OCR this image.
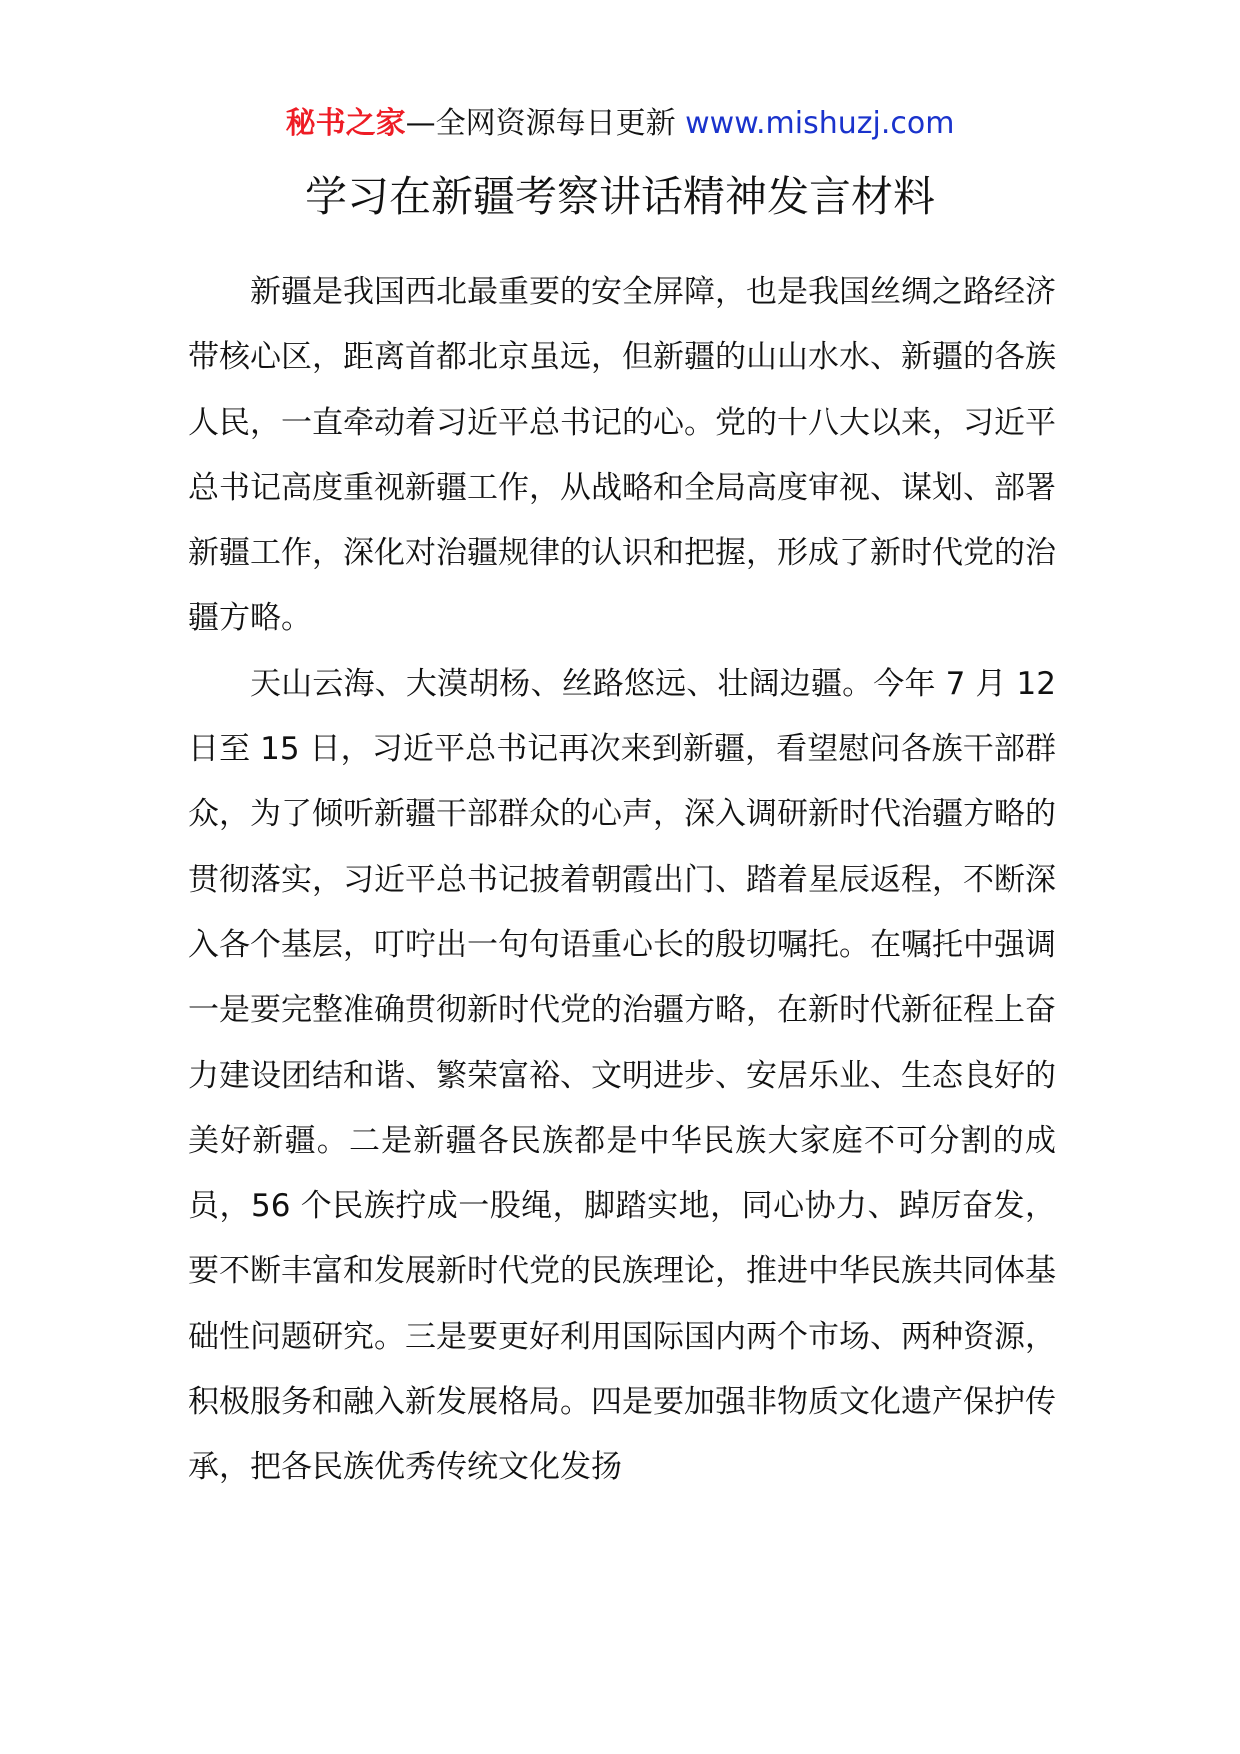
秘书之家—全网资源每日更新 www.mishuzj.com
学习在新疆考察讲话精神发言材料

新疆是我国西北最重要的安全屏障，也是我国丝绸之路经济带核心区，距离首都北京虽远，但新疆的山山水水、新疆的各族人民，一直牵动着习近平总书记的心。党的十八大以来，习近平总书记高度重视新疆工作，从战略和全局高度审视、谋划、部署新疆工作，深化对治疆规律的认识和把握，形成了新时代党的治疆方略。

天山云海、大漠胡杨、丝路悠远、壮阔边疆。今年 7 月 12 日至 15 日，习近平总书记再次来到新疆，看望慰问各族干部群众，为了倾听新疆干部群众的心声，深入调研新时代治疆方略的贯彻落实，习近平总书记披着朝霞出门、踏着星辰返程，不断深入各个基层，叮咛出一句句语重心长的殷切嘱托。在嘱托中强调一是要完整准确贯彻新时代党的治疆方略，在新时代新征程上奋力建设团结和谐、繁荣富裕、文明进步、安居乐业、生态良好的美好新疆。二是新疆各民族都是中华民族大家庭不可分割的成员，56 个民族拧成一股绳，脚踏实地，同心协力、踔厉奋发，要不断丰富和发展新时代党的民族理论，推进中华民族共同体基础性问题研究。三是要更好利用国际国内两个市场、两种资源，积极服务和融入新发展格局。四是要加强非物质文化遗产保护传承，把各民族优秀传统文化发扬
